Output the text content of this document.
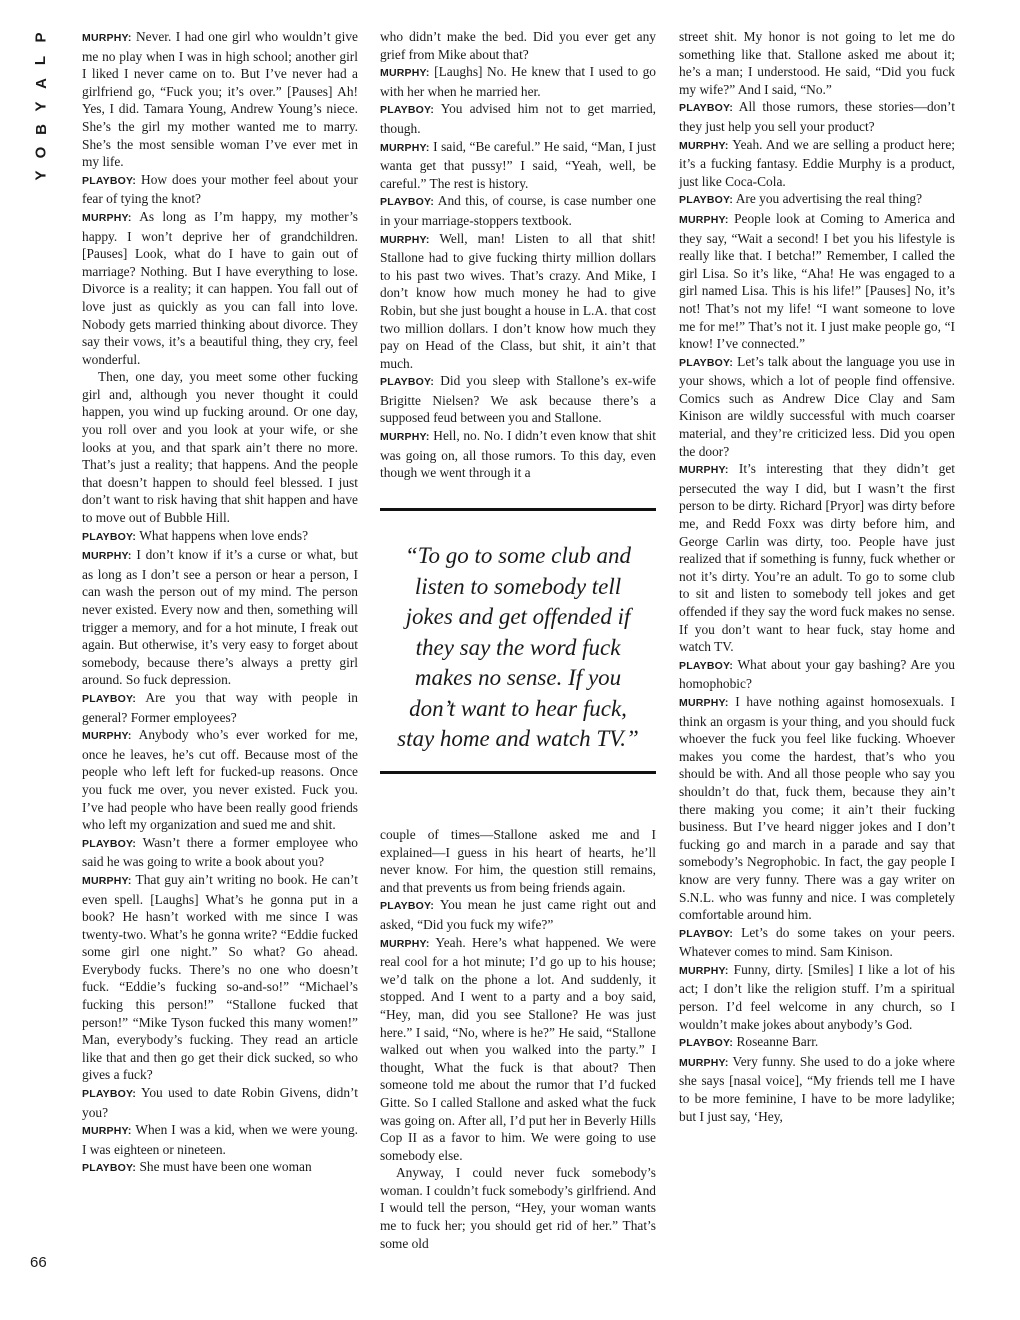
P
L
A
Y
B
O
Y
66

MURPHY: Never. I had one girl who wouldn’t give me no play when I was in high school; another girl I liked I never came on to. But I’ve never had a girlfriend go, “Fuck you; it’s over.” [Pauses] Ah! Yes, I did. Tamara Young, Andrew Young’s niece. She’s the girl my mother wanted me to marry. She’s the most sensible woman I’ve ever met in my life.

PLAYBOY: How does your mother feel about your fear of tying the knot?

MURPHY: As long as I’m happy, my mother’s happy. I won’t deprive her of grandchildren. [Pauses] Look, what do I have to gain out of marriage? Nothing. But I have everything to lose. Divorce is a reality; it can happen. You fall out of love just as quickly as you can fall into love. Nobody gets married thinking about divorce. They say their vows, it’s a beautiful thing, they cry, feel wonderful.

Then, one day, you meet some other fucking girl and, although you never thought it could happen, you wind up fucking around. Or one day, you roll over and you look at your wife, or she looks at you, and that spark ain’t there no more. That’s just a reality; that happens. And the people that doesn’t happen to should feel blessed. I just don’t want to risk having that shit happen and have to move out of Bubble Hill.

PLAYBOY: What happens when love ends?

MURPHY: I don’t know if it’s a curse or what, but as long as I don’t see a person or hear a person, I can wash the person out of my mind. The person never existed. Every now and then, something will trigger a memory, and for a hot minute, I freak out again. But otherwise, it’s very easy to forget about somebody, because there’s always a pretty girl around. So fuck depression.

PLAYBOY: Are you that way with people in general? Former employees?

MURPHY: Anybody who’s ever worked for me, once he leaves, he’s cut off. Because most of the people who left left for fucked-up reasons. Once you fuck me over, you never existed. Fuck you. I’ve had people who have been really good friends who left my organization and sued me and shit.

PLAYBOY: Wasn’t there a former employee who said he was going to write a book about you?

MURPHY: That guy ain’t writing no book. He can’t even spell. [Laughs] What’s he gonna put in a book? He hasn’t worked with me since I was twenty-two. What’s he gonna write? “Eddie fucked some girl one night.” So what? Go ahead. Everybody fucks. There’s no one who doesn’t fuck. “Eddie’s fucking so-and-so!” “Michael’s fucking this person!” “Stallone fucked that person!” “Mike Tyson fucked this many women!” Man, everybody’s fucking. They read an article like that and then go get their dick sucked, so who gives a fuck?

PLAYBOY: You used to date Robin Givens, didn’t you?

MURPHY: When I was a kid, when we were young. I was eighteen or nineteen.

PLAYBOY: She must have been one woman

who didn’t make the bed. Did you ever get any grief from Mike about that?

MURPHY: [Laughs] No. He knew that I used to go with her when he married her.

PLAYBOY: You advised him not to get married, though.

MURPHY: I said, “Be careful.” He said, “Man, I just wanta get that pussy!” I said, “Yeah, well, be careful.” The rest is history.

PLAYBOY: And this, of course, is case number one in your marriage-stoppers textbook.

MURPHY: Well, man! Listen to all that shit! Stallone had to give fucking thirty million dollars to his past two wives. That’s crazy. And Mike, I don’t know how much money he had to give Robin, but she just bought a house in L.A. that cost two million dollars. I don’t know how much they pay on Head of the Class, but shit, it ain’t that much.

PLAYBOY: Did you sleep with Stallone’s ex-wife Brigitte Nielsen? We ask because there’s a supposed feud between you and Stallone.

MURPHY: Hell, no. No. I didn’t even know that shit was going on, all those rumors. To this day, even though we went through it a

“To go to some club and listen to somebody tell jokes and get offended if they say the word fuck makes no sense. If you don’t want to hear fuck, stay home and watch TV.”

couple of times—Stallone asked me and I explained—I guess in his heart of hearts, he’ll never know. For him, the question still remains, and that prevents us from being friends again.

PLAYBOY: You mean he just came right out and asked, “Did you fuck my wife?”

MURPHY: Yeah. Here’s what happened. We were real cool for a hot minute; I’d go up to his house; we’d talk on the phone a lot. And suddenly, it stopped. And I went to a party and a boy said, “Hey, man, did you see Stallone? He was just here.” I said, “No, where is he?” He said, “Stallone walked out when you walked into the party.” I thought, What the fuck is that about? Then someone told me about the rumor that I’d fucked Gitte. So I called Stallone and asked what the fuck was going on. After all, I’d put her in Beverly Hills Cop II as a favor to him. We were going to use somebody else.

Anyway, I could never fuck somebody’s woman. I couldn’t fuck somebody’s girlfriend. And I would tell the person, “Hey, your woman wants me to fuck her; you should get rid of her.” That’s some old

street shit. My honor is not going to let me do something like that. Stallone asked me about it; he’s a man; I understood. He said, “Did you fuck my wife?” And I said, “No.”

PLAYBOY: All those rumors, these stories—don’t they just help you sell your product?

MURPHY: Yeah. And we are selling a product here; it’s a fucking fantasy. Eddie Murphy is a product, just like Coca-Cola.

PLAYBOY: Are you advertising the real thing?

MURPHY: People look at Coming to America and they say, “Wait a second! I bet you his lifestyle is really like that. I betcha!” Remember, I called the girl Lisa. So it’s like, “Aha! He was engaged to a girl named Lisa. This is his life!” [Pauses] No, it’s not! That’s not my life! “I want someone to love me for me!” That’s not it. I just make people go, “I know! I’ve connected.”

PLAYBOY: Let’s talk about the language you use in your shows, which a lot of people find offensive. Comics such as Andrew Dice Clay and Sam Kinison are wildly successful with much coarser material, and they’re criticized less. Did you open the door?

MURPHY: It’s interesting that they didn’t get persecuted the way I did, but I wasn’t the first person to be dirty. Richard [Pryor] was dirty before me, and Redd Foxx was dirty before him, and George Carlin was dirty, too. People have just realized that if something is funny, fuck whether or not it’s dirty. You’re an adult. To go to some club to sit and listen to somebody tell jokes and get offended if they say the word fuck makes no sense. If you don’t want to hear fuck, stay home and watch TV.

PLAYBOY: What about your gay bashing? Are you homophobic?

MURPHY: I have nothing against homosexuals. I think an orgasm is your thing, and you should fuck whoever the fuck you feel like fucking. Whoever makes you come the hardest, that’s who you should be with. And all those people who say you shouldn’t do that, fuck them, because they ain’t there making you come; it ain’t their fucking business. But I’ve heard nigger jokes and I don’t fucking go and march in a parade and say that somebody’s Negrophobic. In fact, the gay people I know are very funny. There was a gay writer on S.N.L. who was funny and nice. I was completely comfortable around him.

PLAYBOY: Let’s do some takes on your peers. Whatever comes to mind. Sam Kinison.

MURPHY: Funny, dirty. [Smiles] I like a lot of his act; I don’t like the religion stuff. I’m a spiritual person. I’d feel welcome in any church, so I wouldn’t make jokes about anybody’s God.

PLAYBOY: Roseanne Barr.

MURPHY: Very funny. She used to do a joke where she says [nasal voice], “My friends tell me I have to be more feminine, I have to be more ladylike; but I just say, ‘Hey,
